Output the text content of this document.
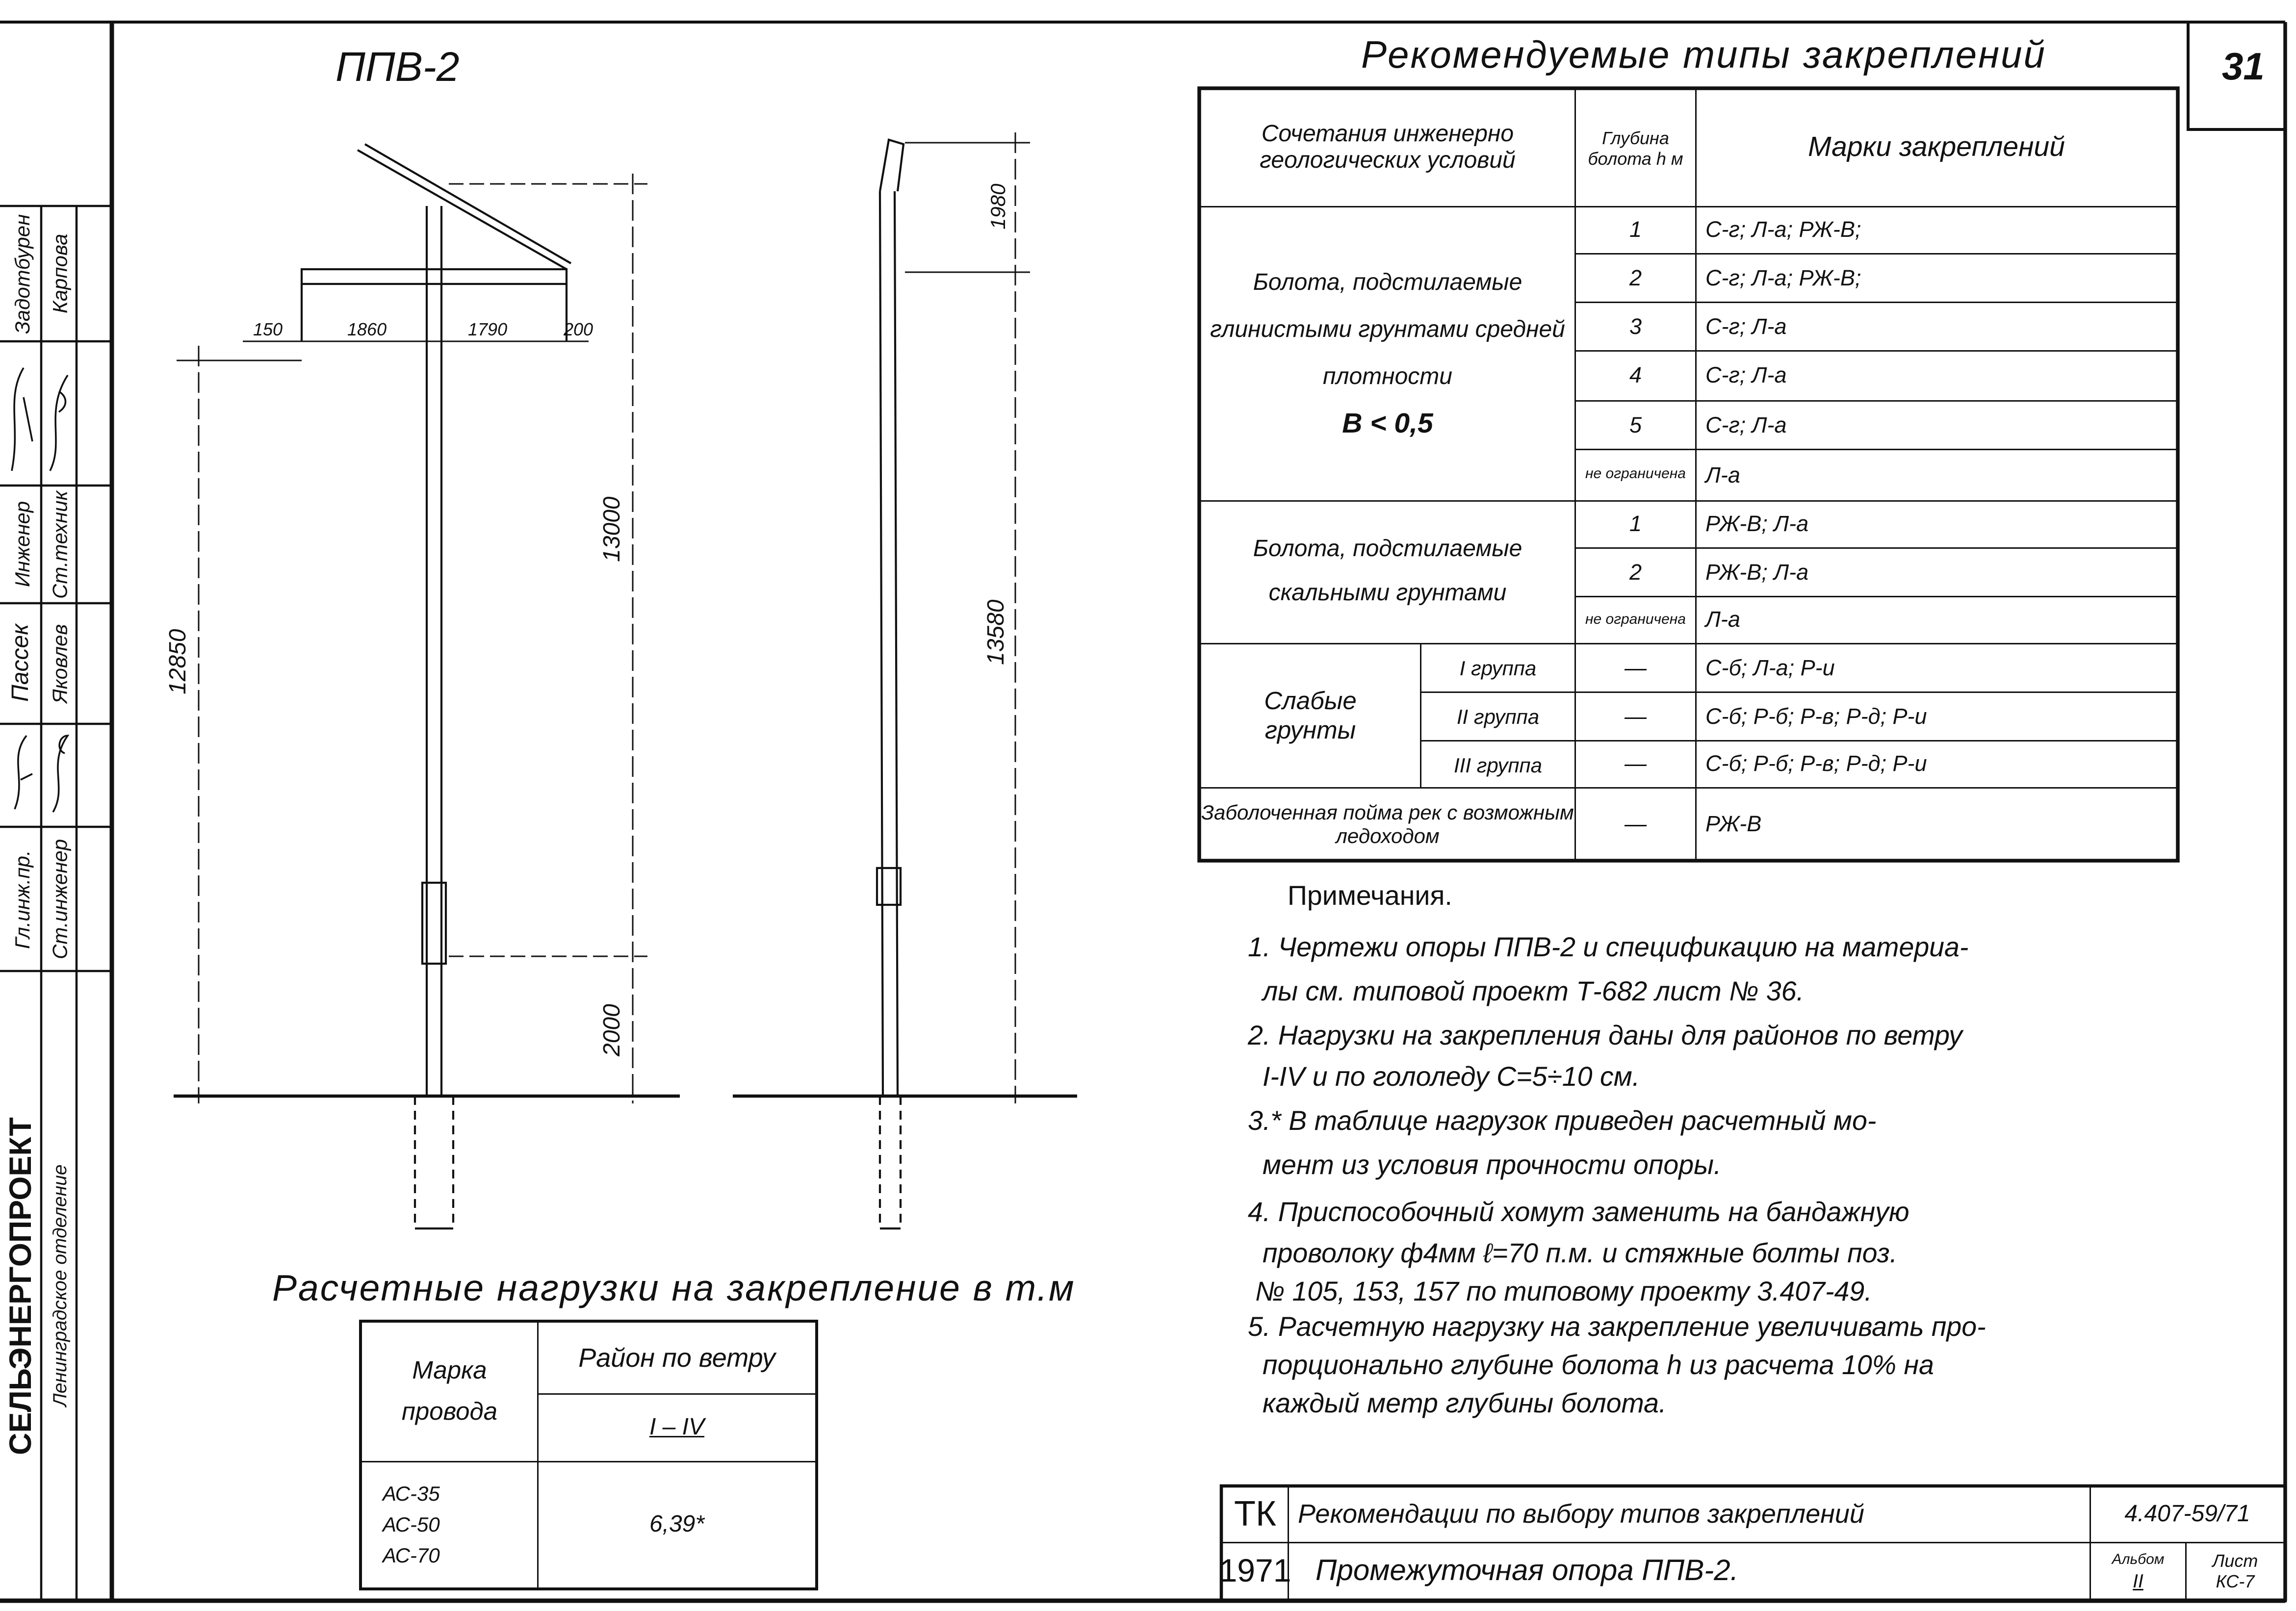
31
ППВ-2
150	1860	1790	200
12850
13000
2000
1980
13580
Рекомендуемые типы закреплений
Сочетания инженерно геологических условий
Глубина болота h м	Марки закреплений
Болота, подстилаемые глинистыми грунтами средней плотности
B < 0,5
1	С-г; Л-а; РЖ-В;
2	С-г; Л-а; РЖ-В;
3	С-г; Л-а
4	С-г; Л-а
5	С-г; Л-а
не ограничена	Л-а
Болота, подстилаемые скальными грунтами
1	РЖ-В; Л-а
2	РЖ-В; Л-а
не ограничена	Л-а
Слабые грунты
I группа	—	С-б; Л-а; Р-и
II группа	—	С-б; Р-б; Р-в; Р-д; Р-и
III группа	—	С-б; Р-б; Р-в; Р-д; Р-и
Заболоченная пойма рек с возможным ледоходом	—	РЖ-В
Примечания.
1. Чертежи опоры ППВ-2 и спецификацию на материа-
лы см. типовой проект Т-682 лист № 36.
2. Нагрузки на закрепления даны для районов по ветру
I-IV и по гололеду С=5÷10 см.
3.* В таблице нагрузок приведен расчетный мо-
мент из условия прочности опоры.
4. Приспособочный хомут заменить на бандажную
проволоку ф4мм ℓ=70 п.м. и стяжные болты поз.
№ 105, 153, 157 по типовому проекту 3.407-49.
5. Расчетную нагрузку на закрепление увеличивать про-
порционально глубине болота h из расчета 10% на
каждый метр глубины болота.
Расчетные нагрузки на закрепление в т.м
Марка провода
Район по ветру
I – IV
АС-35
АС-50
АС-70
6,39*	ТК
1971
Рекомендации по выбору типов закреплений
Промежуточная опора ППВ-2.
4.407-59/71
Альбом
II
Лист
КС-7
СЕЛЬЭНЕРГОПРОЕКТ	Ленинградское отделение
Гл.инж.пр.	Ст.инженер
Инженер	Ст.техник
Пассек	Яковлев
Задотбурен	Карпова
